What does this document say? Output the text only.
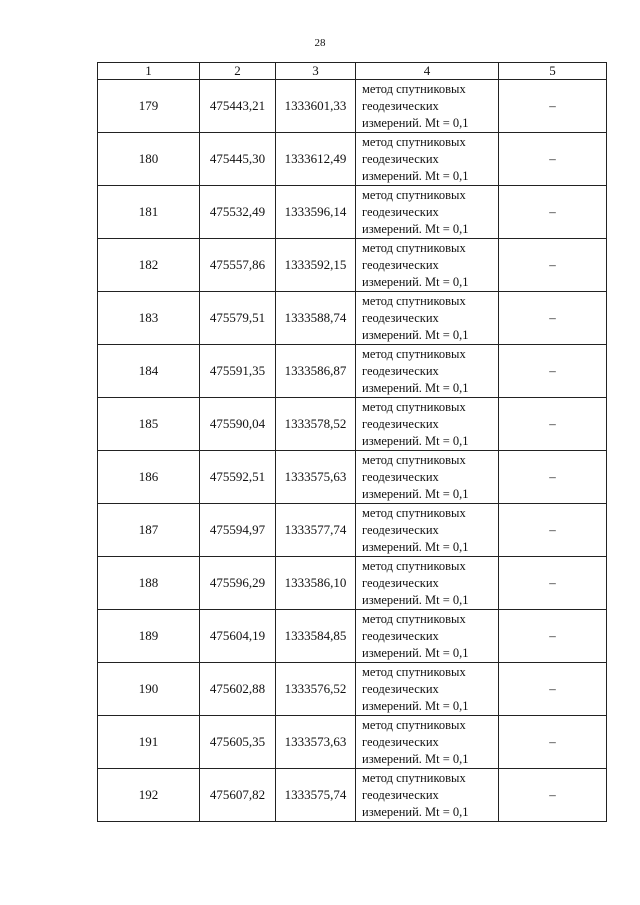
28
1	2	3	4	5
179	475443,21	1333601,33	метод спутниковых
геодезических
измерений. Mt = 0,1	–
180	475445,30	1333612,49	метод спутниковых
геодезических
измерений. Mt = 0,1	–
181	475532,49	1333596,14	метод спутниковых
геодезических
измерений. Mt = 0,1	–
182	475557,86	1333592,15	метод спутниковых
геодезических
измерений. Mt = 0,1	–
183	475579,51	1333588,74	метод спутниковых
геодезических
измерений. Mt = 0,1	–
184	475591,35	1333586,87	метод спутниковых
геодезических
измерений. Mt = 0,1	–
185	475590,04	1333578,52	метод спутниковых
геодезических
измерений. Mt = 0,1	–
186	475592,51	1333575,63	метод спутниковых
геодезических
измерений. Mt = 0,1	–
187	475594,97	1333577,74	метод спутниковых
геодезических
измерений. Mt = 0,1	–
188	475596,29	1333586,10	метод спутниковых
геодезических
измерений. Mt = 0,1	–
189	475604,19	1333584,85	метод спутниковых
геодезических
измерений. Mt = 0,1	–
190	475602,88	1333576,52	метод спутниковых
геодезических
измерений. Mt = 0,1	–
191	475605,35	1333573,63	метод спутниковых
геодезических
измерений. Mt = 0,1	–
192	475607,82	1333575,74	метод спутниковых
геодезических
измерений. Mt = 0,1	–
